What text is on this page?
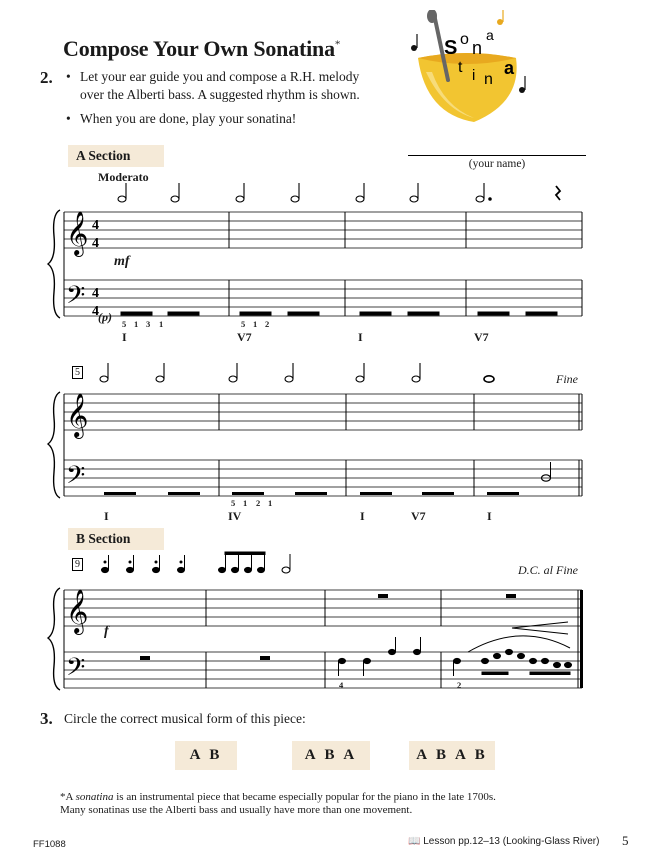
Compose Your Own Sonatina*	S o n
a
t i n
a
2. • Let your ear guide you and compose a R.H. melody
over the Alberti bass. A suggested rhythm is shown.
• When you are done, play your sonatina!
A Section
(your name)
Moderato
𝄞
𝄢
4
4
4
4
𝄞
𝄢
𝄞
𝄢
mf
(p) 5 1 3 1	5 1 2
I	V7	I	V7
5	Fine
5 1 2 1
I	IV	I	V7	I
B Section
9	D.C. al Fine
f
4	2
3. Circle the correct musical form of this piece:
A B	A B A	A B A B
*A sonatina is an instrumental piece that became especially popular for the piano in the late 1700s.
Many sonatinas use the Alberti bass and usually have more than one movement.
FF1088	📖 Lesson pp.12–13 (Looking-Glass River) 5
